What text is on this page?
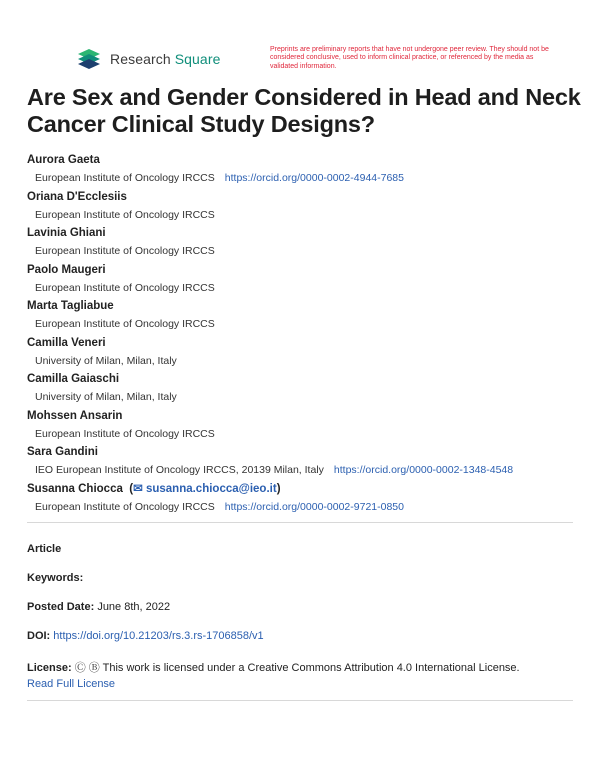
Research Square
Preprints are preliminary reports that have not undergone peer review. They should not be considered conclusive, used to inform clinical practice, or referenced by the media as validated information.
Are Sex and Gender Considered in Head and Neck Cancer Clinical Study Designs?
Aurora Gaeta
European Institute of Oncology IRCCS https://orcid.org/0000-0002-4944-7685
Oriana D'Ecclesiis
European Institute of Oncology IRCCS
Lavinia Ghiani
European Institute of Oncology IRCCS
Paolo Maugeri
European Institute of Oncology IRCCS
Marta Tagliabue
European Institute of Oncology IRCCS
Camilla Veneri
University of Milan, Milan, Italy
Camilla Gaiaschi
University of Milan, Milan, Italy
Mohssen Ansarin
European Institute of Oncology IRCCS
Sara Gandini
IEO European Institute of Oncology IRCCS, 20139 Milan, Italy https://orcid.org/0000-0002-1348-4548
Susanna Chiocca  (✉ susanna.chiocca@ieo.it)
European Institute of Oncology IRCCS https://orcid.org/0000-0002-9721-0850
Article
Keywords:
Posted Date: June 8th, 2022
DOI: https://doi.org/10.21203/rs.3.rs-1706858/v1
License: Ⓒ Ⓑ This work is licensed under a Creative Commons Attribution 4.0 International License.
Read Full License
